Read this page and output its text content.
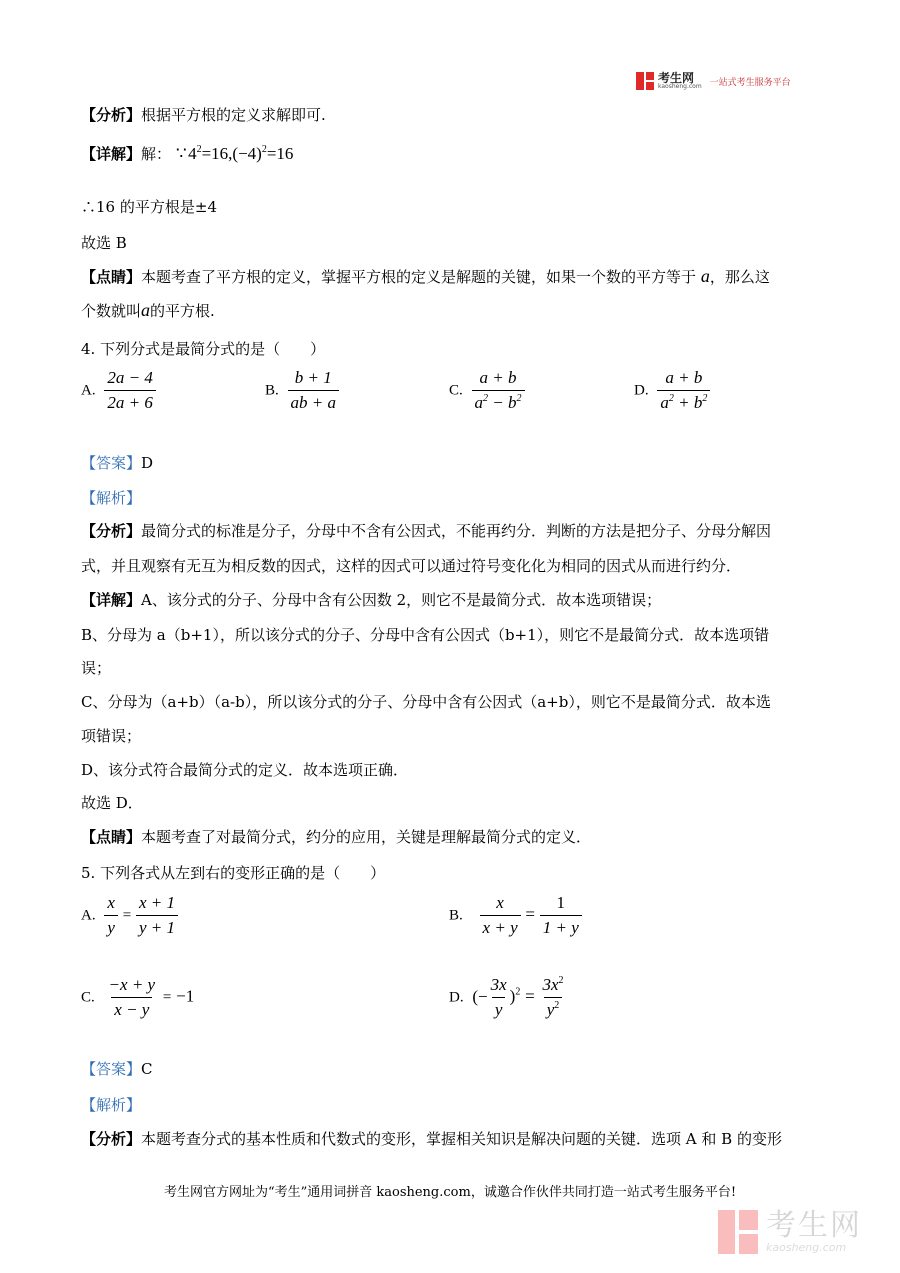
考生网
kaosheng.com 一站式考生服务平台
【分析】根据平方根的定义求解即可.
【详解】解： ∵ $4^2=16,(-4)^2=16$
∴16 的平方根是±4
故选 B
【点睛】本题考查了平方根的定义，掌握平方根的定义是解题的关键，如果一个数的平方等于 a，那么这
个数就叫a的平方根.
4. 下列分式是最简分式的是（　　）
A. $\frac{2a - 4}{2a + 6}$	B. $\frac{b + 1}{ab + a}$	C. $\frac{a + b}{a^2 - b^2}$	D. $\frac{a + b}{a^2 + b^2}$
【答案】D
【解析】
【分析】最简分式的标准是分子，分母中不含有公因式，不能再约分．判断的方法是把分子、分母分解因
式，并且观察有无互为相反数的因式，这样的因式可以通过符号变化化为相同的因式从而进行约分．
【详解】A、该分式的分子、分母中含有公因数 2，则它不是最简分式．故本选项错误；
B、分母为 a（b+1），所以该分式的分子、分母中含有公因式（b+1），则它不是最简分式．故本选项错
误；
C、分母为（a+b）（a-b），所以该分式的分子、分母中含有公因式（a+b），则它不是最简分式．故本选
项错误；
D、该分式符合最简分式的定义．故本选项正确．
故选 D．
【点睛】本题考查了对最简分式，约分的应用，关键是理解最简分式的定义．
5. 下列各式从左到右的变形正确的是（　　）
A. $\frac{x}{y} = \frac{x + 1}{y + 1}$	B. $\frac{x}{x + y} = \frac{1}{1 + y}$
C. $\frac{-x + y}{x - y} = -1$	D. (− $\frac{3x}{y} )^2 = \frac{3x^2}{y^2}$
【答案】C
【解析】
【分析】本题考查分式的基本性质和代数式的变形，掌握相关知识是解决问题的关键．选项 A 和 B 的变形
考生网官方网址为“考生”通用词拼音 kaosheng.com，诚邀合作伙伴共同打造一站式考生服务平台!
考生网
kaosheng.com
